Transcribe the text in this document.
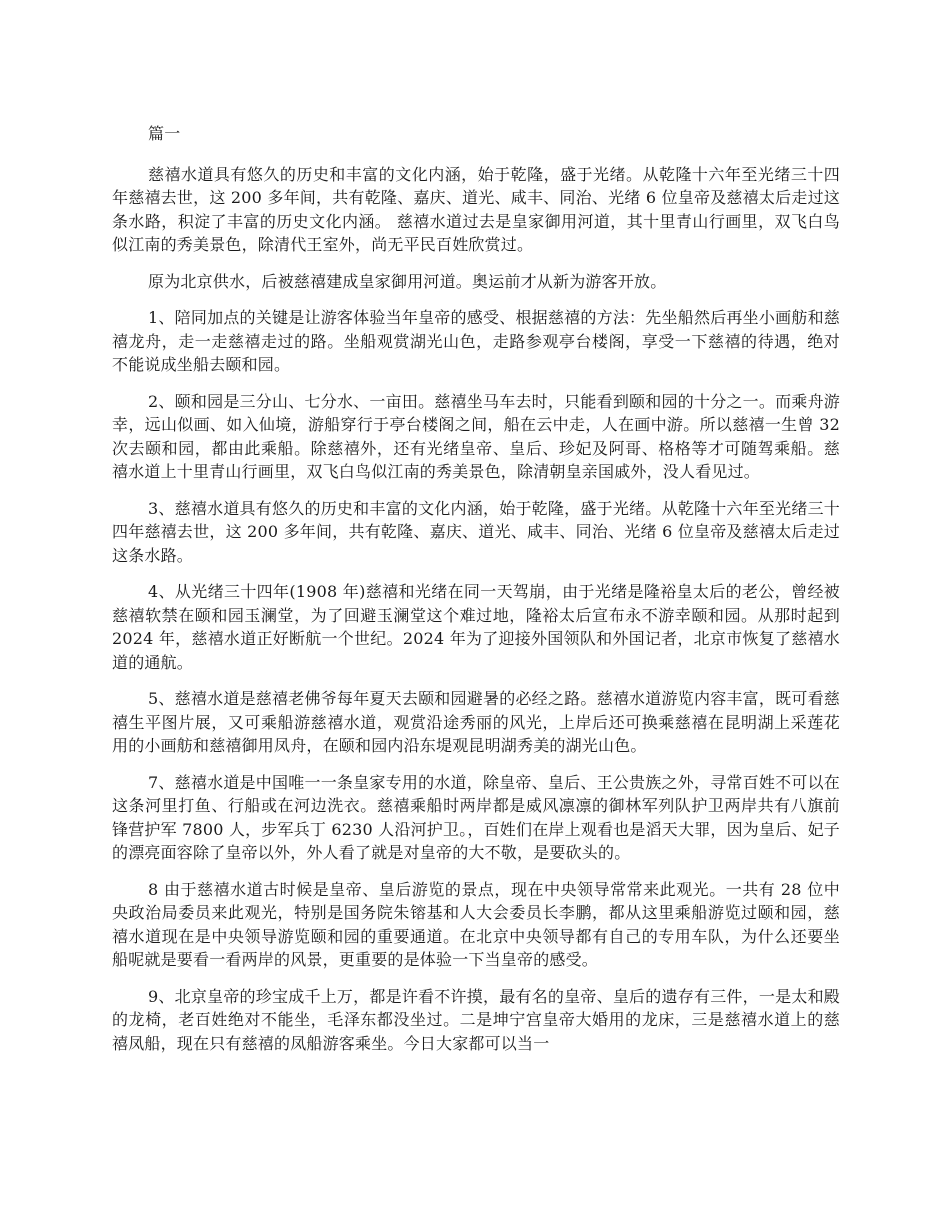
篇一

慈禧水道具有悠久的历史和丰富的文化内涵，始于乾隆，盛于光绪。从乾隆十六年至光绪三十四年慈禧去世，这 200 多年间，共有乾隆、嘉庆、道光、咸丰、同治、光绪 6 位皇帝及慈禧太后走过这条水路，积淀了丰富的历史文化内涵。 慈禧水道过去是皇家御用河道，其十里青山行画里，双飞白鸟似江南的秀美景色，除清代王室外，尚无平民百姓欣赏过。

原为北京供水，后被慈禧建成皇家御用河道。奥运前才从新为游客开放。

1、陪同加点的关键是让游客体验当年皇帝的感受、根据慈禧的方法：先坐船然后再坐小画舫和慈禧龙舟，走一走慈禧走过的路。坐船观赏湖光山色，走路参观亭台楼阁，享受一下慈禧的待遇，绝对不能说成坐船去颐和园。

2、颐和园是三分山、七分水、一亩田。慈禧坐马车去时，只能看到颐和园的十分之一。而乘舟游幸，远山似画、如入仙境，游船穿行于亭台楼阁之间，船在云中走，人在画中游。所以慈禧一生曾 32 次去颐和园，都由此乘船。除慈禧外，还有光绪皇帝、皇后、珍妃及阿哥、格格等才可随驾乘船。慈禧水道上十里青山行画里，双飞白鸟似江南的秀美景色，除清朝皇亲国戚外，没人看见过。

3、慈禧水道具有悠久的历史和丰富的文化内涵，始于乾隆，盛于光绪。从乾隆十六年至光绪三十四年慈禧去世，这 200 多年间，共有乾隆、嘉庆、道光、咸丰、同治、光绪 6 位皇帝及慈禧太后走过这条水路。

4、从光绪三十四年(1908 年)慈禧和光绪在同一天驾崩，由于光绪是隆裕皇太后的老公，曾经被慈禧软禁在颐和园玉澜堂，为了回避玉澜堂这个难过地，隆裕太后宣布永不游幸颐和园。从那时起到 2024 年，慈禧水道正好断航一个世纪。2024 年为了迎接外国领队和外国记者，北京市恢复了慈禧水道的通航。

5、慈禧水道是慈禧老佛爷每年夏天去颐和园避暑的必经之路。慈禧水道游览内容丰富，既可看慈禧生平图片展，又可乘船游慈禧水道，观赏沿途秀丽的风光，上岸后还可换乘慈禧在昆明湖上采莲花用的小画舫和慈禧御用凤舟，在颐和园内沿东堤观昆明湖秀美的湖光山色。

7、慈禧水道是中国唯一一条皇家专用的水道，除皇帝、皇后、王公贵族之外，寻常百姓不可以在这条河里打鱼、行船或在河边洗衣。慈禧乘船时两岸都是威风凛凛的御林军列队护卫两岸共有八旗前锋营护军 7800 人，步军兵丁 6230 人沿河护卫。，百姓们在岸上观看也是滔天大罪，因为皇后、妃子的漂亮面容除了皇帝以外，外人看了就是对皇帝的大不敬，是要砍头的。

8 由于慈禧水道古时候是皇帝、皇后游览的景点，现在中央领导常常来此观光。一共有 28 位中央政治局委员来此观光，特别是国务院朱镕基和人大会委员长李鹏，都从这里乘船游览过颐和园，慈禧水道现在是中央领导游览颐和园的重要通道。在北京中央领导都有自己的专用车队，为什么还要坐船呢就是要看一看两岸的风景，更重要的是体验一下当皇帝的感受。

9、北京皇帝的珍宝成千上万，都是许看不许摸，最有名的皇帝、皇后的遗存有三件，一是太和殿的龙椅，老百姓绝对不能坐，毛泽东都没坐过。二是坤宁宫皇帝大婚用的龙床，三是慈禧水道上的慈禧凤船，现在只有慈禧的凤船游客乘坐。今日大家都可以当一
